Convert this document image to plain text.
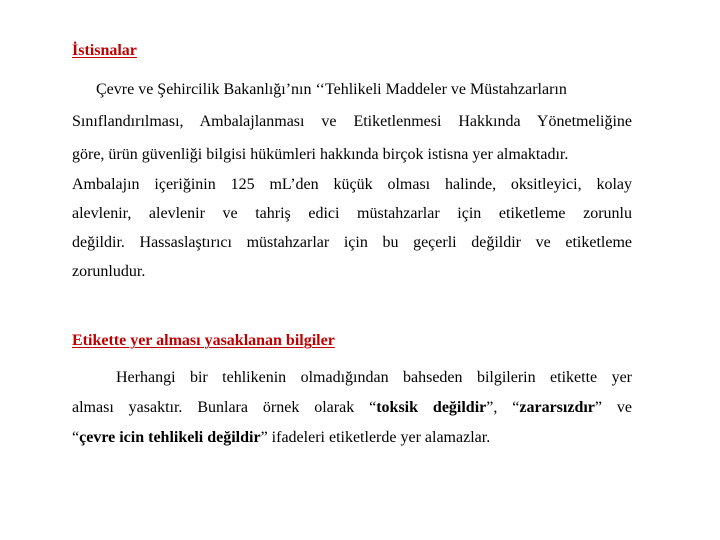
İstisnalar
Çevre ve Şehircilik Bakanlığı’nın ‘‘Tehlikeli Maddeler ve Müstahzarların
Sınıflandırılması, Ambalajlanması ve Etiketlenmesi Hakkında Yönetmeliğine
göre, ürün güvenliği bilgisi hükümleri hakkında birçok istisna yer almaktadır.
Ambalajın içeriğinin 125 mL’den küçük olması halinde, oksitleyici, kolay
alevlenir, alevlenir ve tahriş edici müstahzarlar için etiketleme zorunlu
değildir. Hassaslaştırıcı müstahzarlar için bu geçerli değildir ve etiketleme
zorunludur.
Etikette yer alması yasaklanan bilgiler
Herhangi bir tehlikenin olmadığından bahseden bilgilerin etikette yer
alması yasaktır. Bunlara örnek olarak “toksik değildir”, “zararsızdır” ve
“çevre icin tehlikeli değildir” ifadeleri etiketlerde yer alamazlar.
